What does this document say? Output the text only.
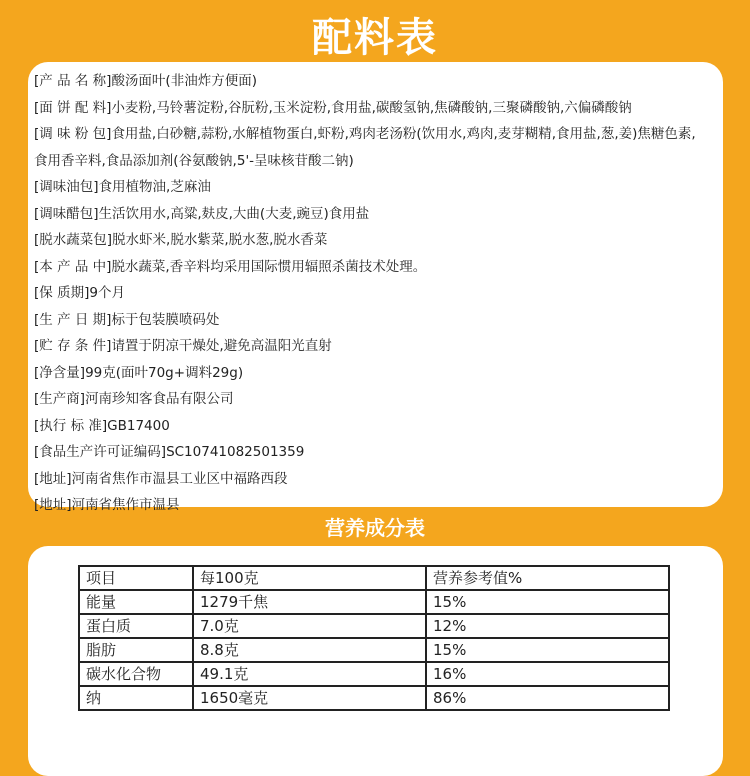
配料表
[产 品 名 称]酸汤面叶(非油炸方便面)
[面 饼 配 料]小麦粉,马铃薯淀粉,谷朊粉,玉米淀粉,食用盐,碳酸氢钠,焦磷酸钠,三聚磷酸钠,六偏磷酸钠
[调 味 粉 包]食用盐,白砂糖,蒜粉,水解植物蛋白,虾粉,鸡肉老汤粉(饮用水,鸡肉,麦芽糊精,食用盐,葱,姜)焦糖色素,
食用香辛料,食品添加剂(谷氨酸钠,5'-呈味核苷酸二钠)
[调味油包]食用植物油,芝麻油
[调味醋包]生活饮用水,高粱,麸皮,大曲(大麦,豌豆)食用盐
[脱水蔬菜包]脱水虾米,脱水紫菜,脱水葱,脱水香菜
[本 产 品 中]脱水蔬菜,香辛料均采用国际惯用辐照杀菌技术处理。
[保 质期]9个月
[生 产 日 期]标于包装膜喷码处
[贮 存 条 件]请置于阴凉干燥处,避免高温阳光直射
[净含量]99克(面叶70g+调料29g)
[生产商]河南珍知客食品有限公司
[执行 标 准]GB17400
[食品生产许可证编码]SC10741082501359
[地址]河南省焦作市温县工业区中福路西段
[地址]河南省焦作市温县
营养成分表
项目	每100克	营养参考值%
能量	1279千焦	15%
蛋白质	7.0克	12%
脂肪	8.8克	15%
碳水化合物	49.1克	16%
纳	1650毫克	86%
